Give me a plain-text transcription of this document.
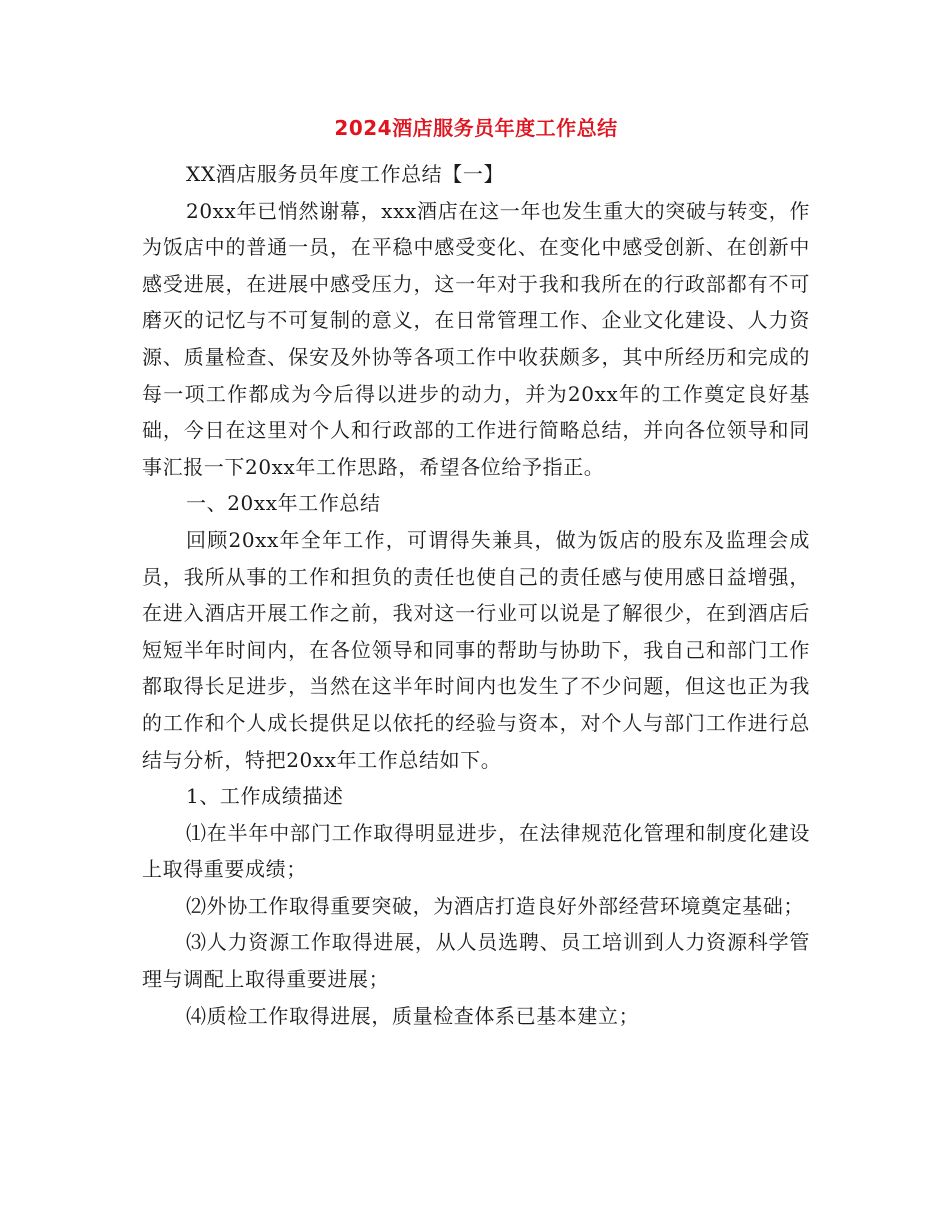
2024酒店服务员年度工作总结

XX酒店服务员年度工作总结【一】

20xx年已悄然谢幕，xxx酒店在这一年也发生重大的突破与转变，作为饭店中的普通一员，在平稳中感受变化、在变化中感受创新、在创新中感受进展，在进展中感受压力，这一年对于我和我所在的行政部都有不可磨灭的记忆与不可复制的意义，在日常管理工作、企业文化建设、人力资源、质量检查、保安及外协等各项工作中收获颇多，其中所经历和完成的每一项工作都成为今后得以进步的动力，并为20xx年的工作奠定良好基础，今日在这里对个人和行政部的工作进行简略总结，并向各位领导和同事汇报一下20xx年工作思路，希望各位给予指正。

一、20xx年工作总结

回顾20xx年全年工作，可谓得失兼具，做为饭店的股东及监理会成员，我所从事的工作和担负的责任也使自己的责任感与使用感日益增强，在进入酒店开展工作之前，我对这一行业可以说是了解很少，在到酒店后短短半年时间内，在各位领导和同事的帮助与协助下，我自己和部门工作都取得长足进步，当然在这半年时间内也发生了不少问题，但这也正为我的工作和个人成长提供足以依托的经验与资本，对个人与部门工作进行总结与分析，特把20xx年工作总结如下。

1、工作成绩描述

⑴在半年中部门工作取得明显进步，在法律规范化管理和制度化建设上取得重要成绩；

⑵外协工作取得重要突破，为酒店打造良好外部经营环境奠定基础；

⑶人力资源工作取得进展，从人员选聘、员工培训到人力资源科学管理与调配上取得重要进展；

⑷质检工作取得进展，质量检查体系已基本建立；
